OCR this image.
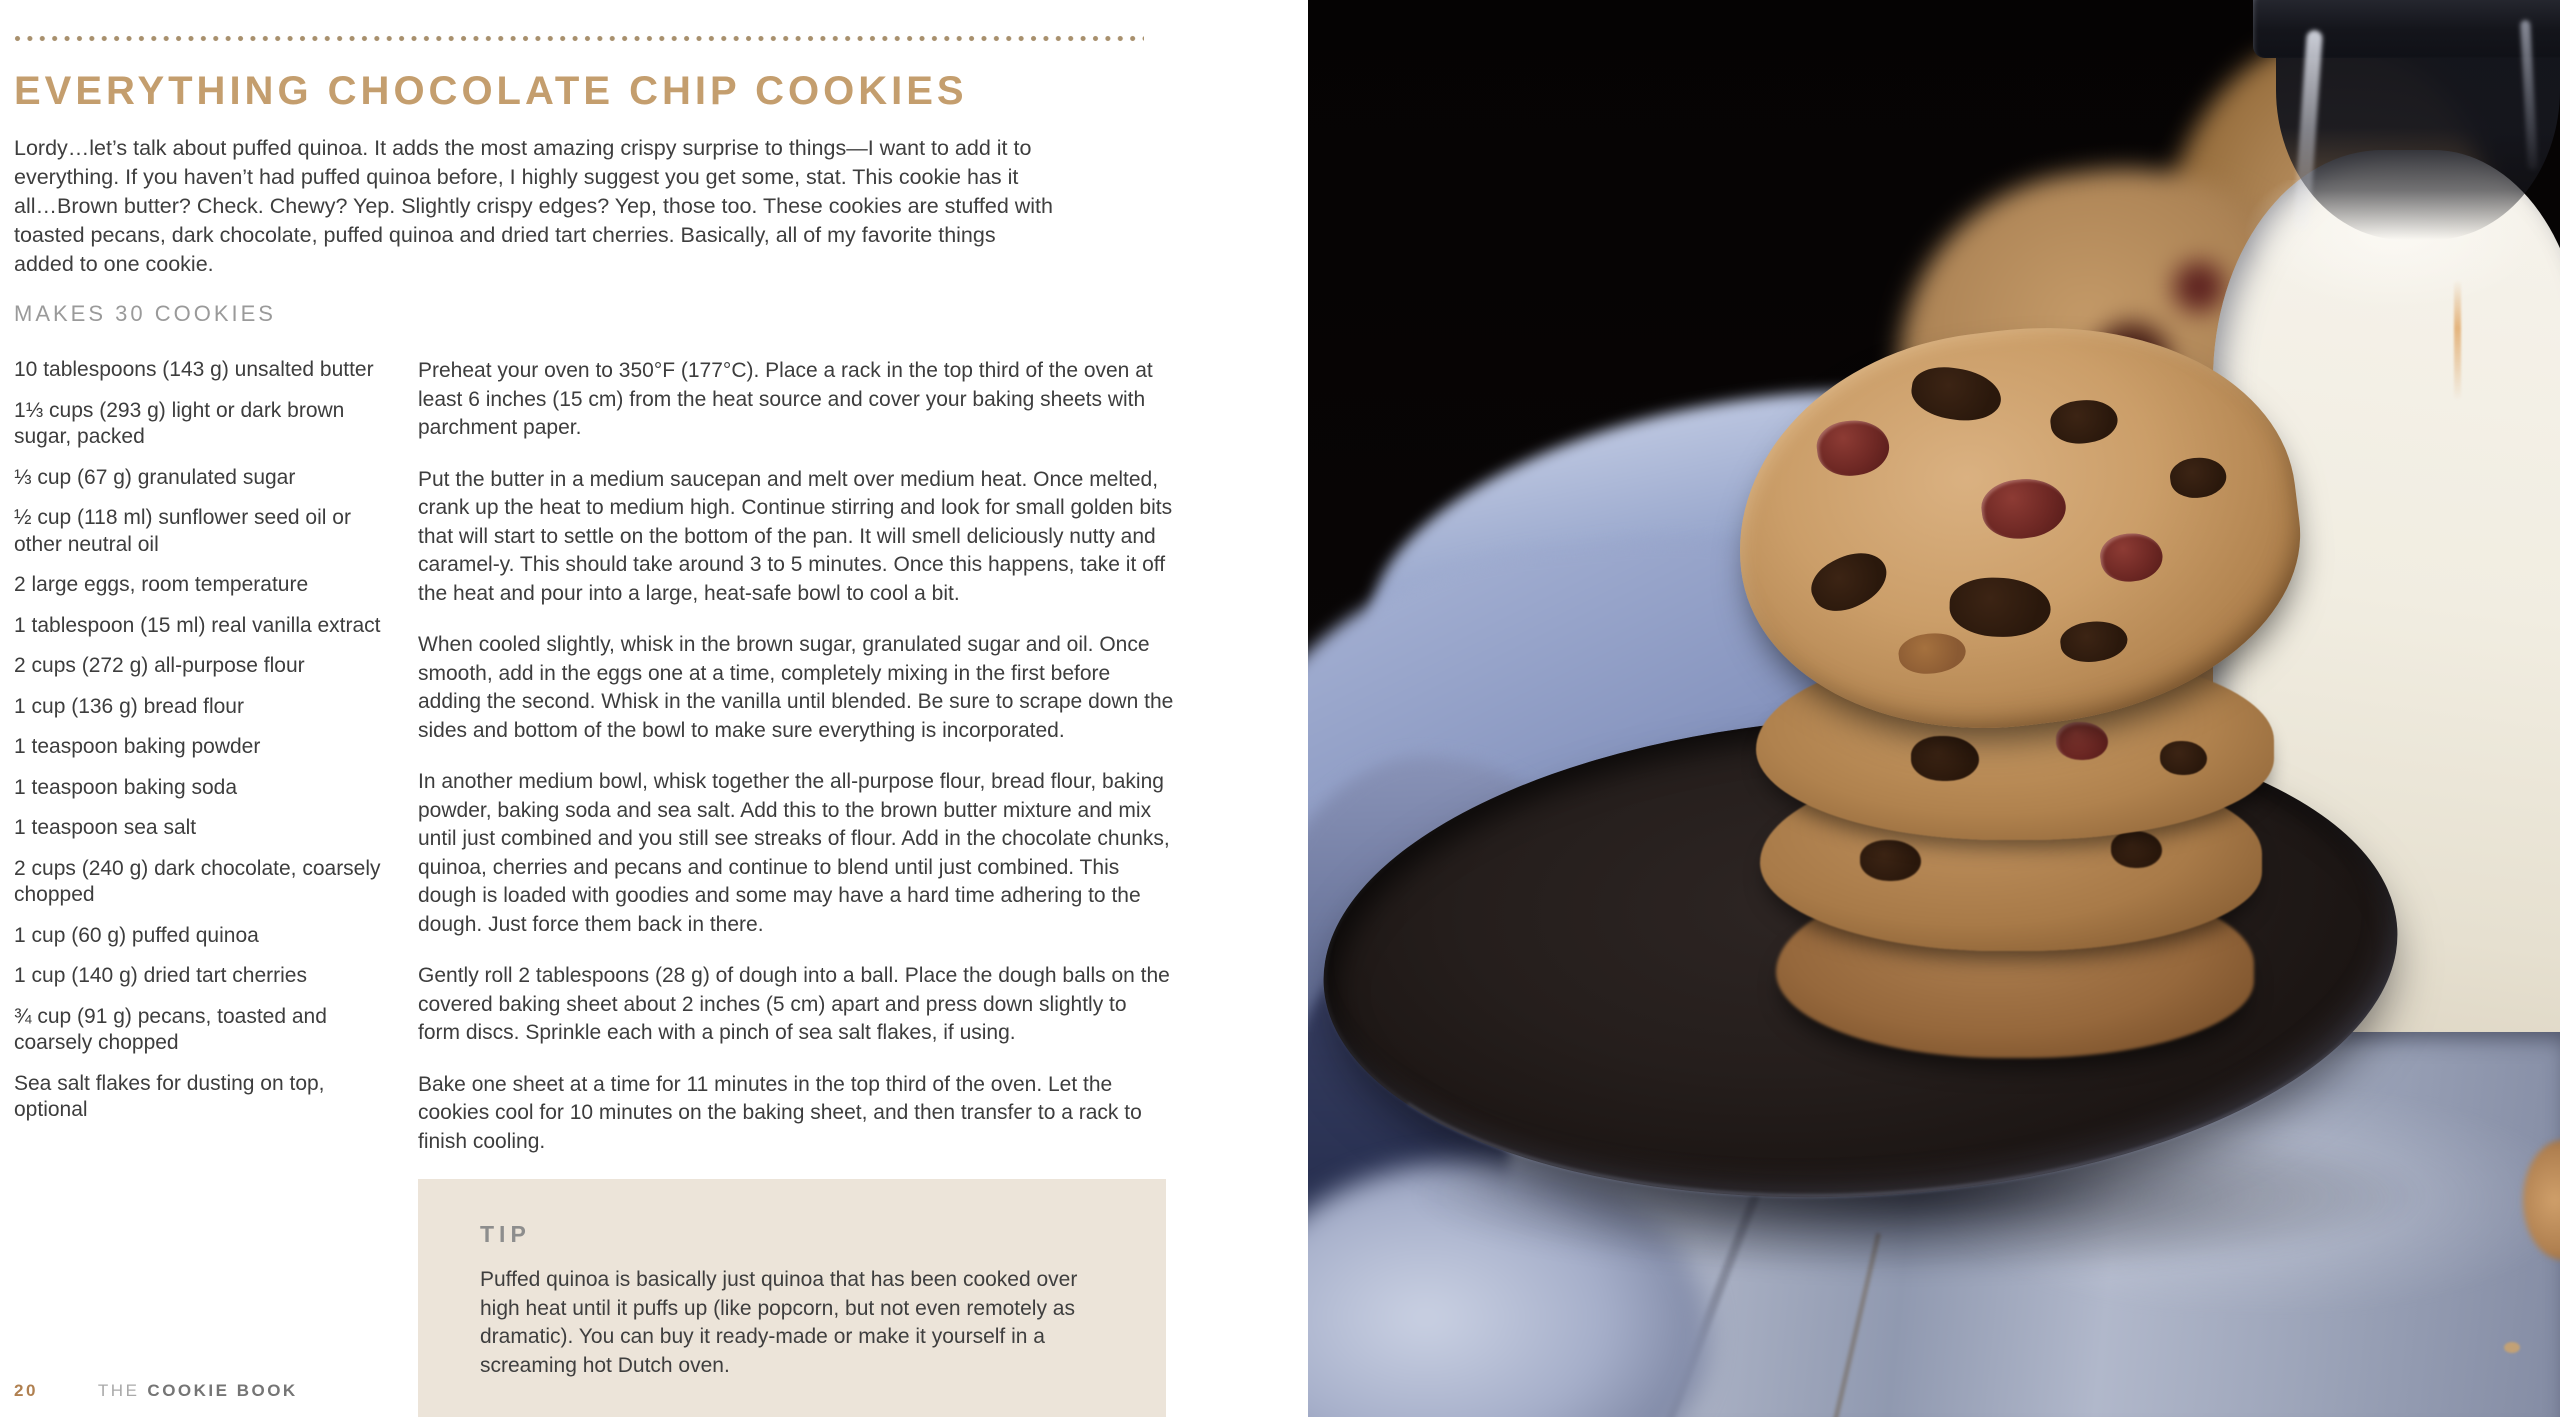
EVERYTHING CHOCOLATE CHIP COOKIES

Lordy…let’s talk about puffed quinoa. It adds the most amazing crispy surprise to things—I want to add it to everything. If you haven’t had puffed quinoa before, I highly suggest you get some, stat. This cookie has it all…Brown butter? Check. Chewy? Yep. Slightly crispy edges? Yep, those too. These cookies are stuffed with toasted pecans, dark chocolate, puffed quinoa and dried tart cherries. Basically, all of my favorite things added to one cookie.

MAKES 30 COOKIES

10 tablespoons (143 g) unsalted butter

1⅓ cups (293 g) light or dark brown sugar, packed

⅓ cup (67 g) granulated sugar

½ cup (118 ml) sunflower seed oil or other neutral oil

2 large eggs, room temperature

1 tablespoon (15 ml) real vanilla extract

2 cups (272 g) all-purpose flour

1 cup (136 g) bread flour

1 teaspoon baking powder

1 teaspoon baking soda

1 teaspoon sea salt

2 cups (240 g) dark chocolate, coarsely chopped

1 cup (60 g) puffed quinoa

1 cup (140 g) dried tart cherries

¾ cup (91 g) pecans, toasted and coarsely chopped

Sea salt flakes for dusting on top, optional

Preheat your oven to 350°F (177°C). Place a rack in the top third of the oven at least 6 inches (15 cm) from the heat source and cover your baking sheets with parchment paper.

Put the butter in a medium saucepan and melt over medium heat. Once melted, crank up the heat to medium high. Continue stirring and look for small golden bits that will start to settle on the bottom of the pan. It will smell deliciously nutty and caramel-y. This should take around 3 to 5 minutes. Once this happens, take it off the heat and pour into a large, heat-safe bowl to cool a bit.

When cooled slightly, whisk in the brown sugar, granulated sugar and oil. Once smooth, add in the eggs one at a time, completely mixing in the first before adding the second. Whisk in the vanilla until blended. Be sure to scrape down the sides and bottom of the bowl to make sure everything is incorporated.

In another medium bowl, whisk together the all-purpose flour, bread flour, baking powder, baking soda and sea salt. Add this to the brown butter mixture and mix until just combined and you still see streaks of flour. Add in the chocolate chunks, quinoa, cherries and pecans and continue to blend until just combined. This dough is loaded with goodies and some may have a hard time adhering to the dough. Just force them back in there.

Gently roll 2 tablespoons (28 g) of dough into a ball. Place the dough balls on the covered baking sheet about 2 inches (5 cm) apart and press down slightly to form discs. Sprinkle each with a pinch of sea salt flakes, if using.

Bake one sheet at a time for 11 minutes in the top third of the oven. Let the cookies cool for 10 minutes on the baking sheet, and then transfer to a rack to finish cooling.

TIP

Puffed quinoa is basically just quinoa that has been cooked over high heat until it puffs up (like popcorn, but not even remotely as dramatic). You can buy it ready-made or make it yourself in a screaming hot Dutch oven.

20	THE COOKIE BOOK
